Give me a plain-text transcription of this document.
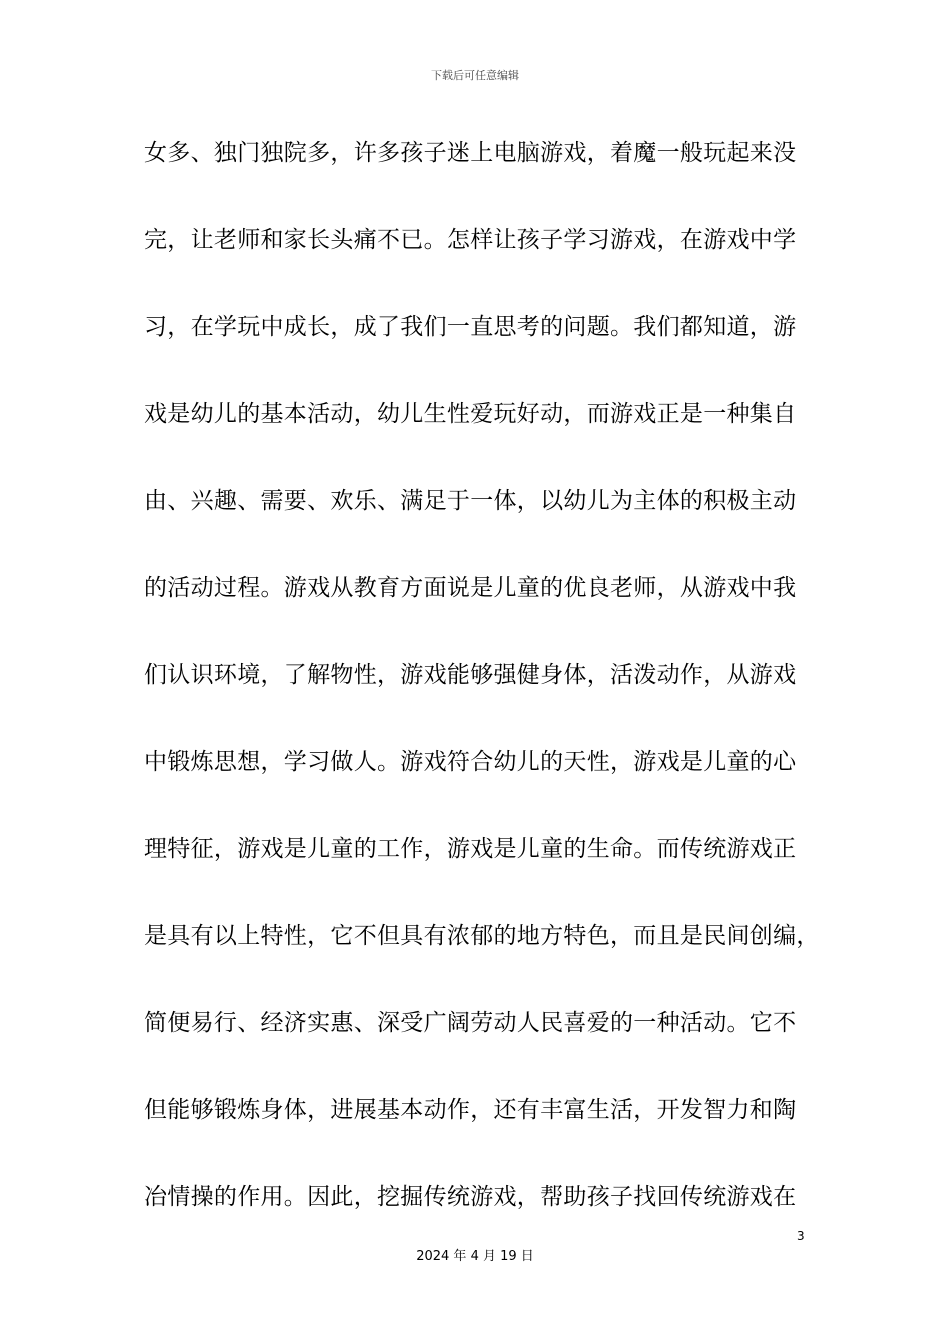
下载后可任意编辑
女多、独门独院多，许多孩子迷上电脑游戏，着魔一般玩起来没
完，让老师和家长头痛不已。怎样让孩子学习游戏，在游戏中学
习，在学玩中成长，成了我们一直思考的问题。我们都知道，游
戏是幼儿的基本活动，幼儿生性爱玩好动，而游戏正是一种集自
由、兴趣、需要、欢乐、满足于一体，以幼儿为主体的积极主动
的活动过程。游戏从教育方面说是儿童的优良老师，从游戏中我
们认识环境，了解物性，游戏能够强健身体，活泼动作，从游戏
中锻炼思想，学习做人。游戏符合幼儿的天性，游戏是儿童的心
理特征，游戏是儿童的工作，游戏是儿童的生命。而传统游戏正
是具有以上特性，它不但具有浓郁的地方特色，而且是民间创编，
简便易行、经济实惠、深受广阔劳动人民喜爱的一种活动。它不
但能够锻炼身体，进展基本动作，还有丰富生活，开发智力和陶
冶情操的作用。因此，挖掘传统游戏，帮助孩子找回传统游戏在
3
2024 年 4 月 19 日
